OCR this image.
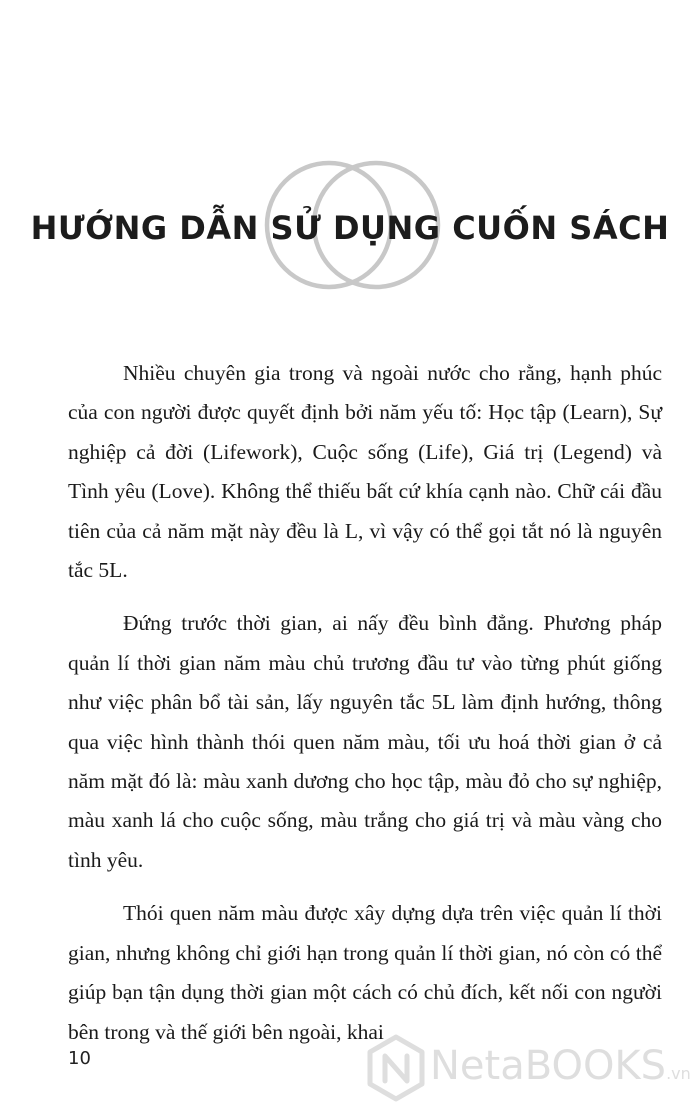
HƯỚNG DẪN SỬ DỤNG CUỐN SÁCH

Nhiều chuyên gia trong và ngoài nước cho rằng, hạnh phúc của con người được quyết định bởi năm yếu tố: Học tập (Learn), Sự nghiệp cả đời (Lifework), Cuộc sống (Life), Giá trị (Legend) và Tình yêu (Love). Không thể thiếu bất cứ khía cạnh nào. Chữ cái đầu tiên của cả năm mặt này đều là L, vì vậy có thể gọi tắt nó là nguyên tắc 5L.

Đứng trước thời gian, ai nấy đều bình đẳng. Phương pháp quản lí thời gian năm màu chủ trương đầu tư vào từng phút giống như việc phân bổ tài sản, lấy nguyên tắc 5L làm định hướng, thông qua việc hình thành thói quen năm màu, tối ưu hoá thời gian ở cả năm mặt đó là: màu xanh dương cho học tập, màu đỏ cho sự nghiệp, màu xanh lá cho cuộc sống, màu trắng cho giá trị và màu vàng cho tình yêu.

Thói quen năm màu được xây dựng dựa trên việc quản lí thời gian, nhưng không chỉ giới hạn trong quản lí thời gian, nó còn có thể giúp bạn tận dụng thời gian một cách có chủ đích, kết nối con người bên trong và thế giới bên ngoài, khai

10	NetaBOOKS.vn
